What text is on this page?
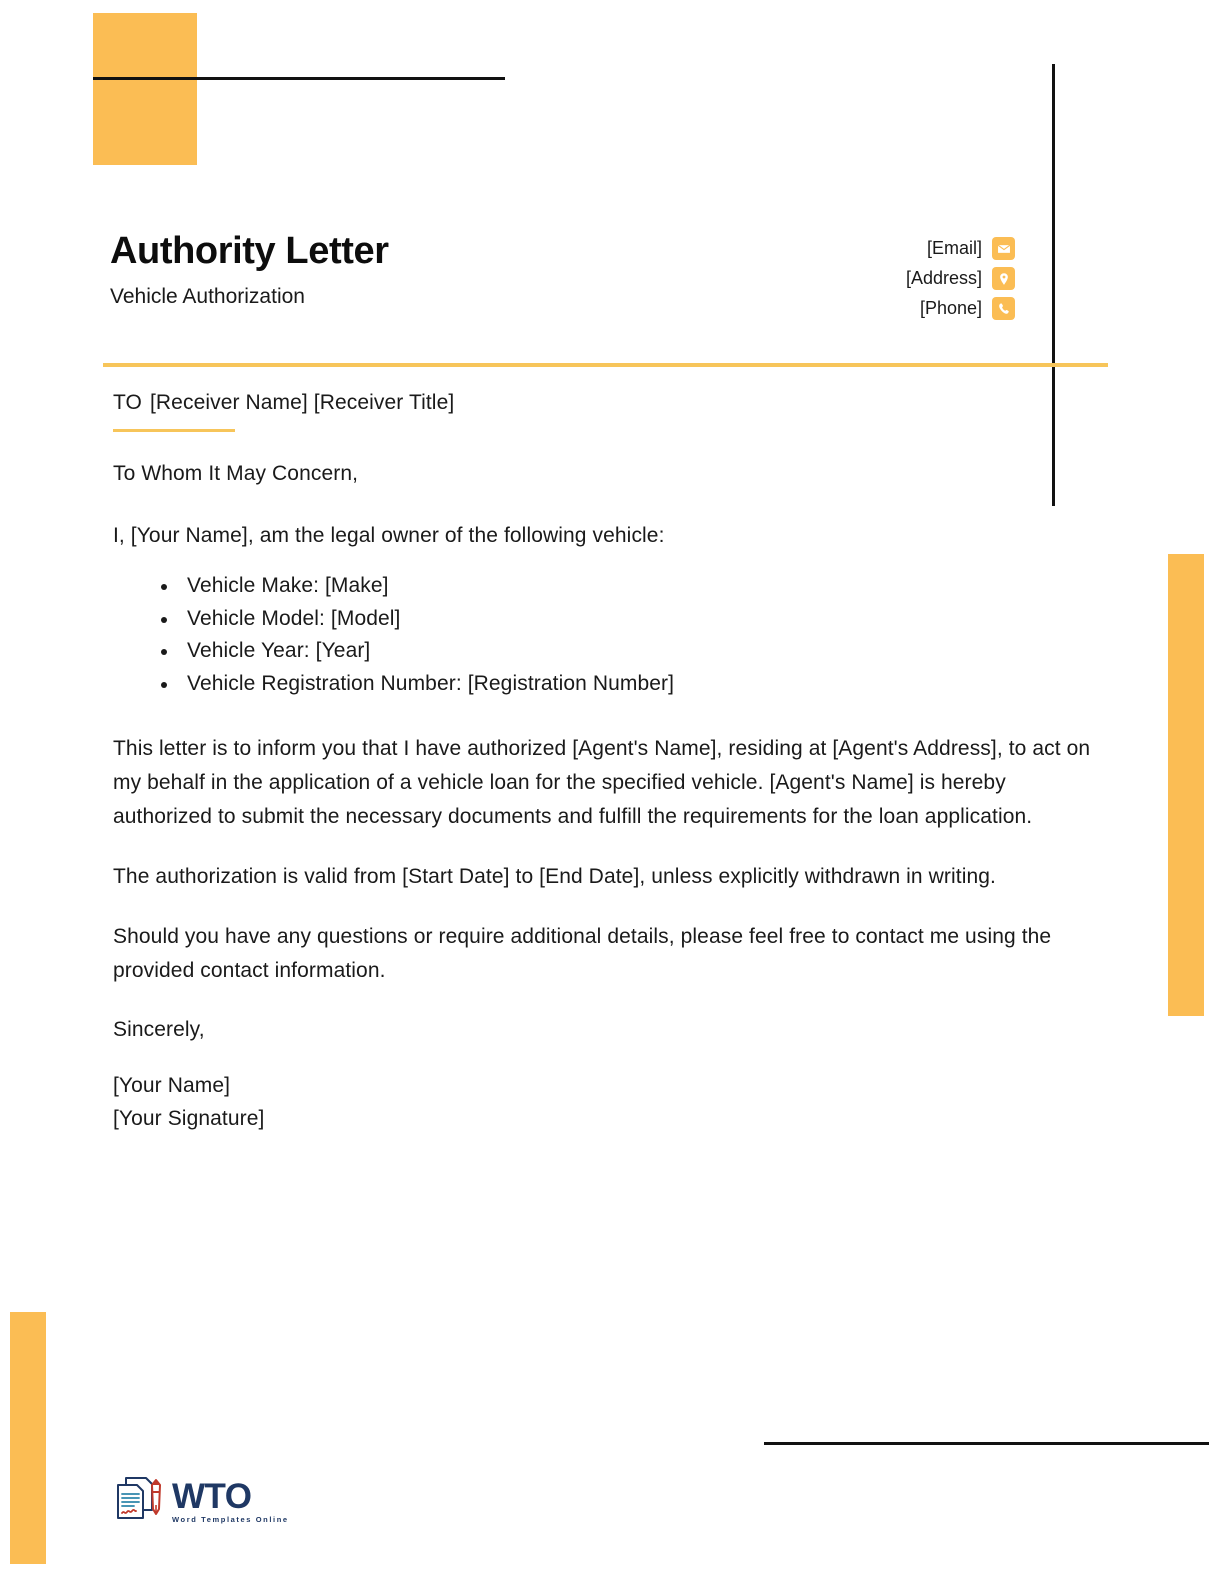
Authority Letter

Vehicle Authorization

[Email]
[Address]
[Phone]

TO [Receiver Name] [Receiver Title]

To Whom It May Concern,

I, [Your Name], am the legal owner of the following vehicle:

Vehicle Make: [Make]
Vehicle Model: [Model]
Vehicle Year: [Year]
Vehicle Registration Number: [Registration Number]

This letter is to inform you that I have authorized [Agent's Name], residing at [Agent's Address], to act on my behalf in the application of a vehicle loan for the specified vehicle. [Agent's Name] is hereby authorized to submit the necessary documents and fulfill the requirements for the loan application.

The authorization is valid from [Start Date] to [End Date], unless explicitly withdrawn in writing.

Should you have any questions or require additional details, please feel free to contact me using the provided contact information.

Sincerely,

[Your Name]
[Your Signature]
WTO
Word Templates Online
